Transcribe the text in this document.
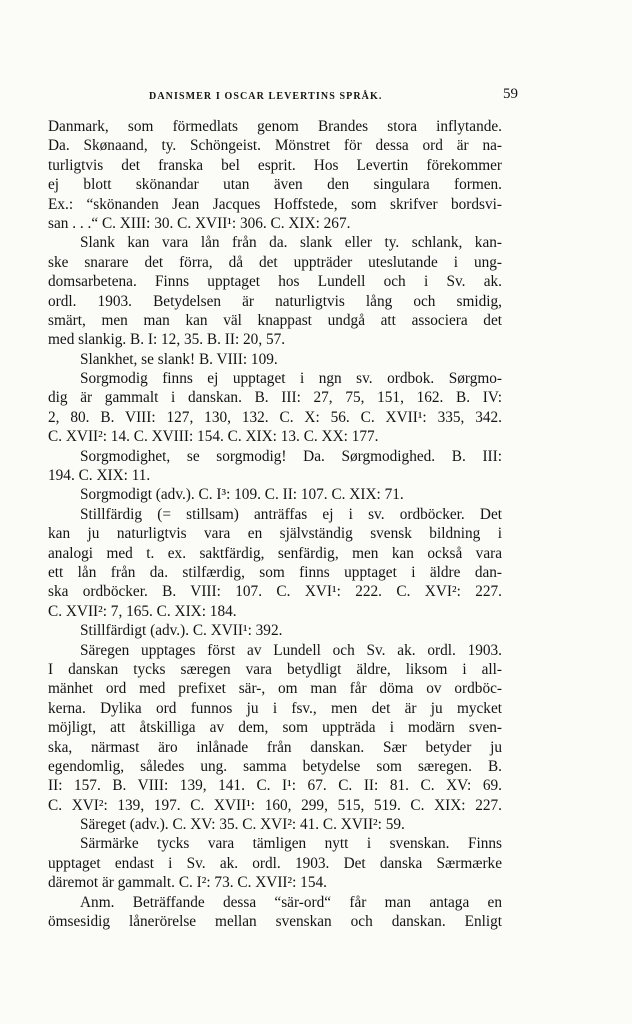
DANISMER I OSCAR LEVERTINS SPRÅK.	59
Danmark, som förmedlats genom Brandes stora inflytande.
Da. Skønaand, ty. Schöngeist. Mönstret för dessa ord är na-
turligtvis det franska bel esprit. Hos Levertin förekommer
ej blott skönandar utan även den singulara formen.
Ex.: “skönanden Jean Jacques Hoffstede, som skrifver bordsvi-
san . . .“ C. XIII: 30. C. XVII¹: 306. C. XIX: 267.
Slank kan vara lån från da. slank eller ty. schlank, kan-
ske snarare det förra, då det uppträder uteslutande i ung-
domsarbetena. Finns upptaget hos Lundell och i Sv. ak.
ordl. 1903. Betydelsen är naturligtvis lång och smidig,
smärt, men man kan väl knappast undgå att associera det
med slankig. B. I: 12, 35. B. II: 20, 57.
Slankhet, se slank! B. VIII: 109.
Sorgmodig finns ej upptaget i ngn sv. ordbok. Sørgmo-
dig är gammalt i danskan. B. III: 27, 75, 151, 162. B. IV:
2, 80. B. VIII: 127, 130, 132. C. X: 56. C. XVII¹: 335, 342.
C. XVII²: 14. C. XVIII: 154. C. XIX: 13. C. XX: 177.
Sorgmodighet, se sorgmodig! Da. Sørgmodighed. B. III:
194. C. XIX: 11.
Sorgmodigt (adv.). C. I³: 109. C. II: 107. C. XIX: 71.
Stillfärdig (= stillsam) anträffas ej i sv. ordböcker. Det
kan ju naturligtvis vara en självständig svensk bildning i
analogi med t. ex. saktfärdig, senfärdig, men kan också vara
ett lån från da. stilfærdig, som finns upptaget i äldre dan-
ska ordböcker. B. VIII: 107. C. XVI¹: 222. C. XVI²: 227.
C. XVII²: 7, 165. C. XIX: 184.
Stillfärdigt (adv.). C. XVII¹: 392.
Säregen upptages först av Lundell och Sv. ak. ordl. 1903.
I danskan tycks særegen vara betydligt äldre, liksom i all-
mänhet ord med prefixet sär-, om man får döma ov ordböc-
kerna. Dylika ord funnos ju i fsv., men det är ju mycket
möjligt, att åtskilliga av dem, som uppträda i modärn sven-
ska, närmast äro inlånade från danskan. Sær betyder ju
egendomlig, således ung. samma betydelse som særegen. B.
II: 157. B. VIII: 139, 141. C. I¹: 67. C. II: 81. C. XV: 69.
C. XVI²: 139, 197. C. XVII¹: 160, 299, 515, 519. C. XIX: 227.
Säreget (adv.). C. XV: 35. C. XVI²: 41. C. XVII²: 59.
Särmärke tycks vara tämligen nytt i svenskan. Finns
upptaget endast i Sv. ak. ordl. 1903. Det danska Særmærke
däremot är gammalt. C. I²: 73. C. XVII²: 154.
Anm. Beträffande dessa “sär-ord“ får man antaga en
ömsesidig lånerörelse mellan svenskan och danskan. Enligt
